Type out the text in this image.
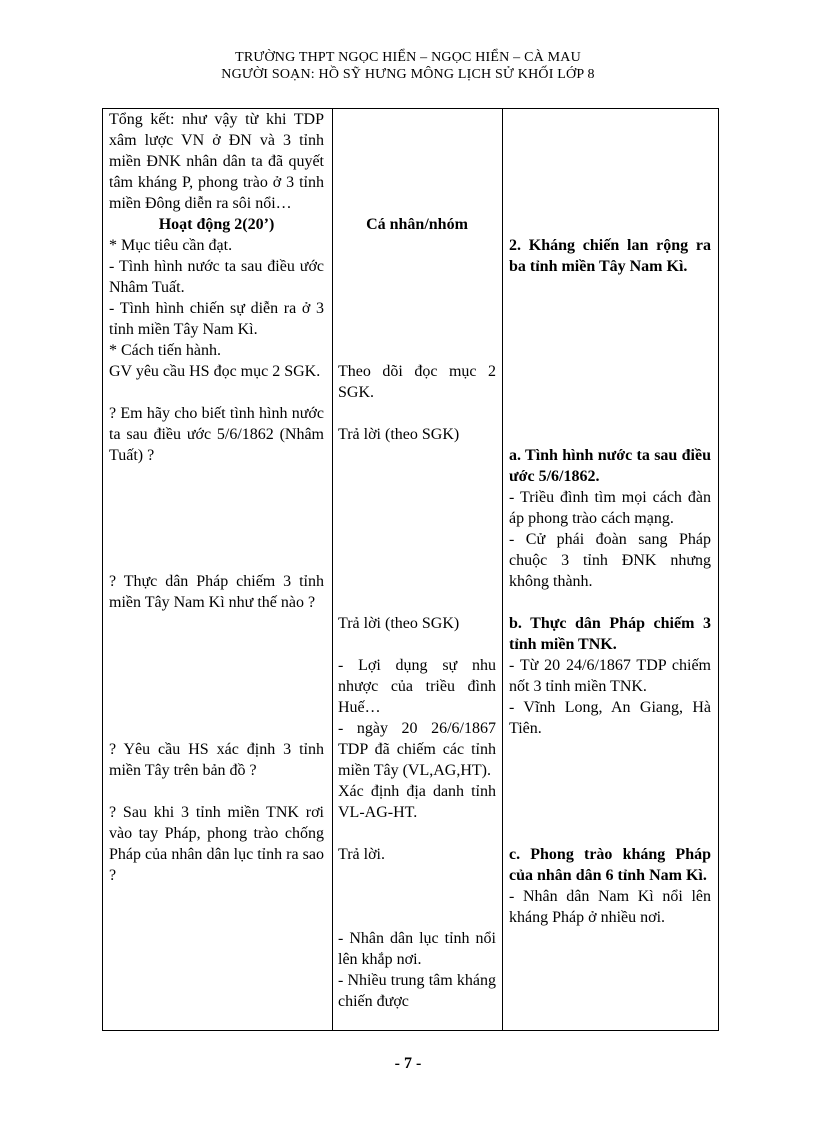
TRƯỜNG THPT NGỌC HIỂN – NGỌC HIỂN – CÀ MAU
NGƯỜI SOẠN: HỒ SỸ HƯNG MÔNG LỊCH SỬ KHỐI LỚP 8

Tổng kết: như vậy từ khi TDP xâm lược VN ở ĐN và 3 tỉnh miền ĐNK nhân dân ta đã quyết tâm kháng P, phong trào ở 3 tỉnh miền Đông diễn ra sôi nổi…

Hoạt động 2(20’)

* Mục tiêu cần đạt.

- Tình hình nước ta sau điều ước Nhâm Tuất.

- Tình hình chiến sự diễn ra ở 3 tỉnh miền Tây Nam Kì.

* Cách tiến hành.

GV yêu cầu HS đọc mục 2 SGK.

? Em hãy cho biết tình hình nước ta sau điều ước 5/6/1862 (Nhâm Tuất) ?

? Thực dân Pháp chiếm 3 tỉnh miền Tây Nam Kì như thế nào ?

? Yêu cầu HS xác định 3 tỉnh miền Tây trên bản đồ ?

? Sau khi 3 tỉnh miền TNK rơi vào tay Pháp, phong trào chống Pháp của nhân dân lục tỉnh ra sao ?

Cá nhân/nhóm

Theo dõi đọc mục 2 SGK.

Trả lời (theo SGK)

Trả lời (theo SGK)

- Lợi dụng sự nhu nhược của triều đình Huế…

- ngày 20 26/6/1867 TDP đã chiếm các tỉnh miền Tây (VL,AG,HT).

Xác định địa danh tỉnh VL-AG-HT.

Trả lời.

- Nhân dân lục tỉnh nổi lên khắp nơi.

- Nhiều trung tâm kháng chiến được

2. Kháng chiến lan rộng ra ba tỉnh miền Tây Nam Kì.

a. Tình hình nước ta sau điều ước 5/6/1862.

- Triều đình tìm mọi cách đàn áp phong trào cách mạng.

- Cử phái đoàn sang Pháp chuộc 3 tỉnh ĐNK nhưng không thành.

b. Thực dân Pháp chiếm 3 tỉnh miền TNK.

- Từ 20 24/6/1867 TDP chiếm nốt 3 tỉnh miền TNK.

- Vĩnh Long, An Giang, Hà Tiên.

c. Phong trào kháng Pháp của nhân dân 6 tỉnh Nam Kì.

- Nhân dân Nam Kì nổi lên kháng Pháp ở nhiều nơi.

- 7 -
